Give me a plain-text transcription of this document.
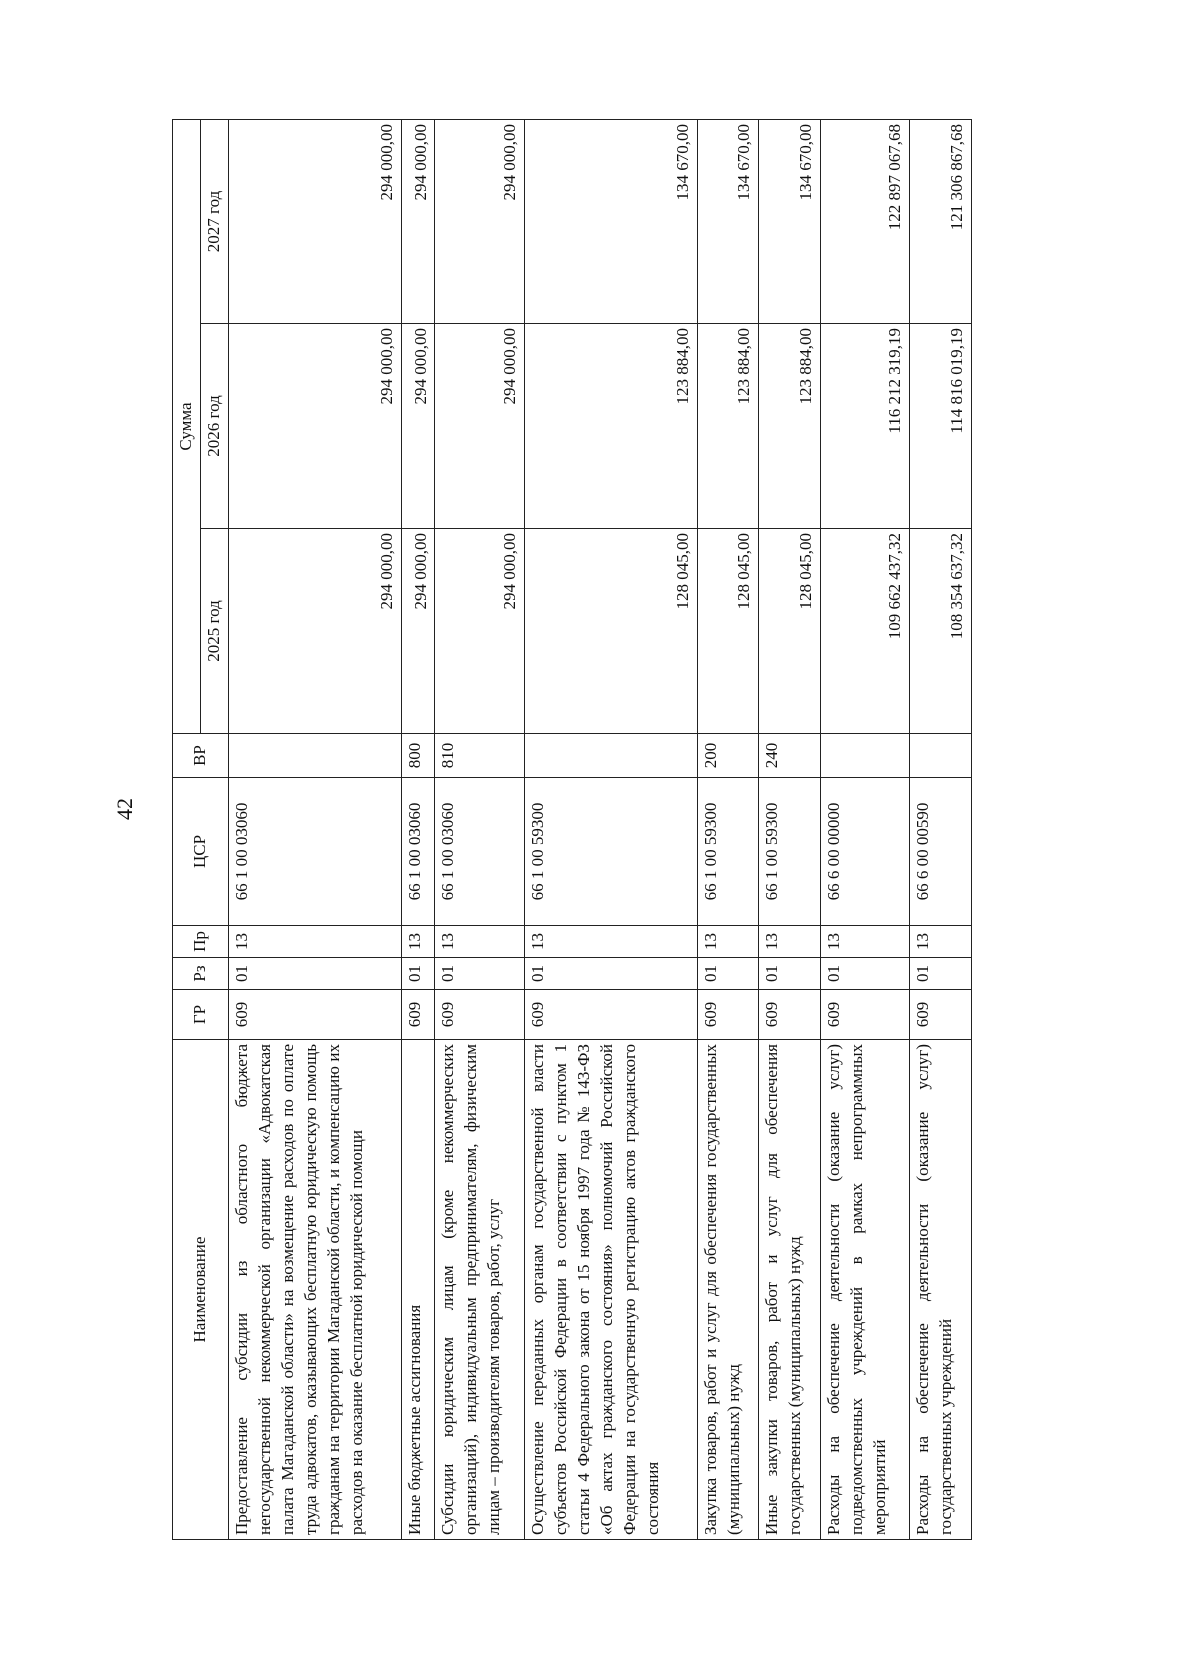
42
Наименование	ГР	Рз	Пр	ЦСР	ВР	Сумма		
						2025 год	2026 год	2027 год
Предоставление субсидии из областного бюджета негосударственной некоммерческой организации «Адвокатская палата Магаданской области» на возмещение расходов по оплате труда адвокатов, оказывающих бесплатную юридическую помощь гражданам на территории Магаданской области, и компенсацию их расходов на оказание бесплатной юридической помощи	609	01	13	66 1 00 03060		294 000,00	294 000,00	294 000,00
Иные бюджетные ассигнования	609	01	13	66 1 00 03060	800	294 000,00	294 000,00	294 000,00
Субсидии юридическим лицам (кроме некоммерческих организаций), индивидуальным предпринимателям, физическим лицам – производителям товаров, работ, услуг	609	01	13	66 1 00 03060	810	294 000,00	294 000,00	294 000,00
Осуществление переданных органам государственной власти субъектов Российской Федерации в соответствии с пунктом 1 статьи 4 Федерального закона от 15 ноября 1997 года № 143-ФЗ «Об актах гражданского состояния» полномочий Российской Федерации на государственную регистрацию актов гражданского состояния	609	01	13	66 1 00 59300		128 045,00	123 884,00	134 670,00
Закупка товаров, работ и услуг для обеспечения государственных (муниципальных) нужд	609	01	13	66 1 00 59300	200	128 045,00	123 884,00	134 670,00
Иные закупки товаров, работ и услуг для обеспечения государственных (муниципальных) нужд	609	01	13	66 1 00 59300	240	128 045,00	123 884,00	134 670,00
Расходы на обеспечение деятельности (оказание услуг) подведомственных учреждений в рамках непрограммных мероприятий	609	01	13	66 6 00 00000		109 662 437,32	116 212 319,19	122 897 067,68
Расходы на обеспечение деятельности (оказание услуг) государственных учреждений	609	01	13	66 6 00 00590		108 354 637,32	114 816 019,19	121 306 867,68
